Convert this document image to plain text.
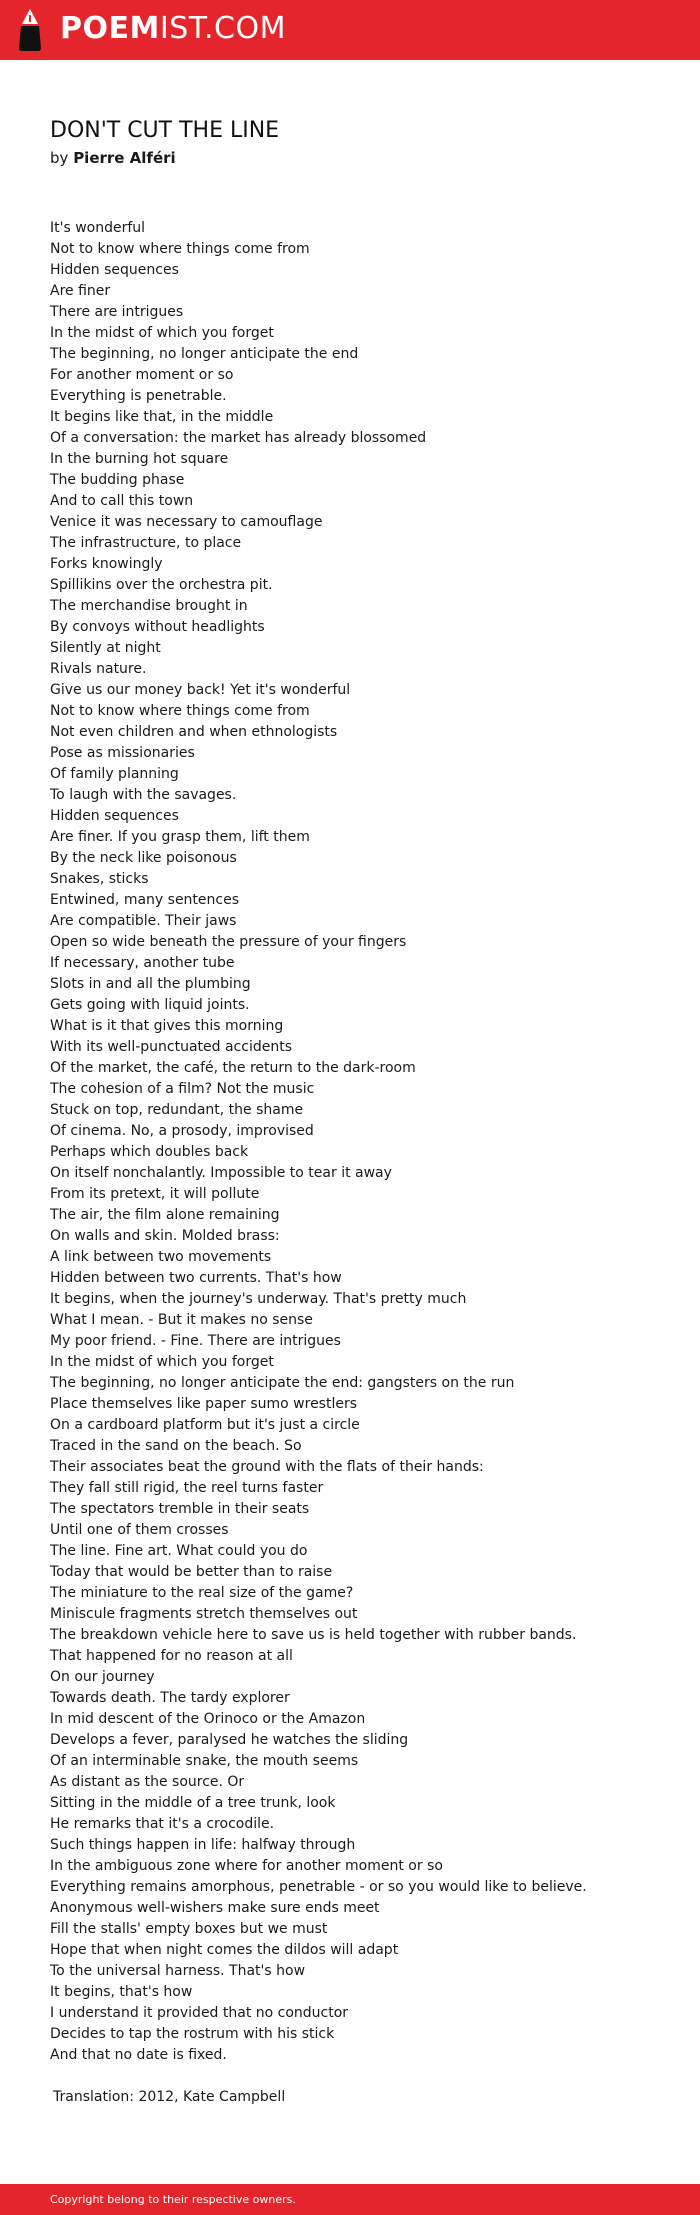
POEMIST.COM
DON'T CUT THE LINE
by Pierre Alféri
It's wonderful
Not to know where things come from
Hidden sequences
Are finer
There are intrigues
In the midst of which you forget
The beginning, no longer anticipate the end
For another moment or so
Everything is penetrable.
It begins like that, in the middle
Of a conversation: the market has already blossomed
In the burning hot square
The budding phase
And to call this town
Venice it was necessary to camouflage
The infrastructure, to place
Forks knowingly
Spillikins over the orchestra pit.
The merchandise brought in
By convoys without headlights
Silently at night
Rivals nature.
Give us our money back! Yet it's wonderful
Not to know where things come from
Not even children and when ethnologists
Pose as missionaries
Of family planning
To laugh with the savages.
Hidden sequences
Are finer. If you grasp them, lift them
By the neck like poisonous
Snakes, sticks
Entwined, many sentences
Are compatible. Their jaws
Open so wide beneath the pressure of your fingers
If necessary, another tube
Slots in and all the plumbing
Gets going with liquid joints.
What is it that gives this morning
With its well-punctuated accidents
Of the market, the café, the return to the dark-room
The cohesion of a film? Not the music
Stuck on top, redundant, the shame
Of cinema. No, a prosody, improvised
Perhaps which doubles back
On itself nonchalantly. Impossible to tear it away
From its pretext, it will pollute
The air, the film alone remaining
On walls and skin. Molded brass:
A link between two movements
Hidden between two currents. That's how
It begins, when the journey's underway. That's pretty much
What I mean. - But it makes no sense
My poor friend. - Fine. There are intrigues
In the midst of which you forget
The beginning, no longer anticipate the end: gangsters on the run
Place themselves like paper sumo wrestlers
On a cardboard platform but it's just a circle
Traced in the sand on the beach. So
Their associates beat the ground with the flats of their hands:
They fall still rigid, the reel turns faster
The spectators tremble in their seats
Until one of them crosses
The line. Fine art. What could you do
Today that would be better than to raise
The miniature to the real size of the game?
Miniscule fragments stretch themselves out
The breakdown vehicle here to save us is held together with rubber bands.
That happened for no reason at all
On our journey
Towards death. The tardy explorer
In mid descent of the Orinoco or the Amazon
Develops a fever, paralysed he watches the sliding
Of an interminable snake, the mouth seems
As distant as the source. Or
Sitting in the middle of a tree trunk, look
He remarks that it's a crocodile.
Such things happen in life: halfway through
In the ambiguous zone where for another moment or so
Everything remains amorphous, penetrable - or so you would like to believe.
Anonymous well-wishers make sure ends meet
Fill the stalls' empty boxes but we must
Hope that when night comes the dildos will adapt
To the universal harness. That's how
It begins, that's how
I understand it provided that no conductor
Decides to tap the rostrum with his stick
And that no date is fixed.
Translation: 2012, Kate Campbell
Copyright belong to their respective owners.
